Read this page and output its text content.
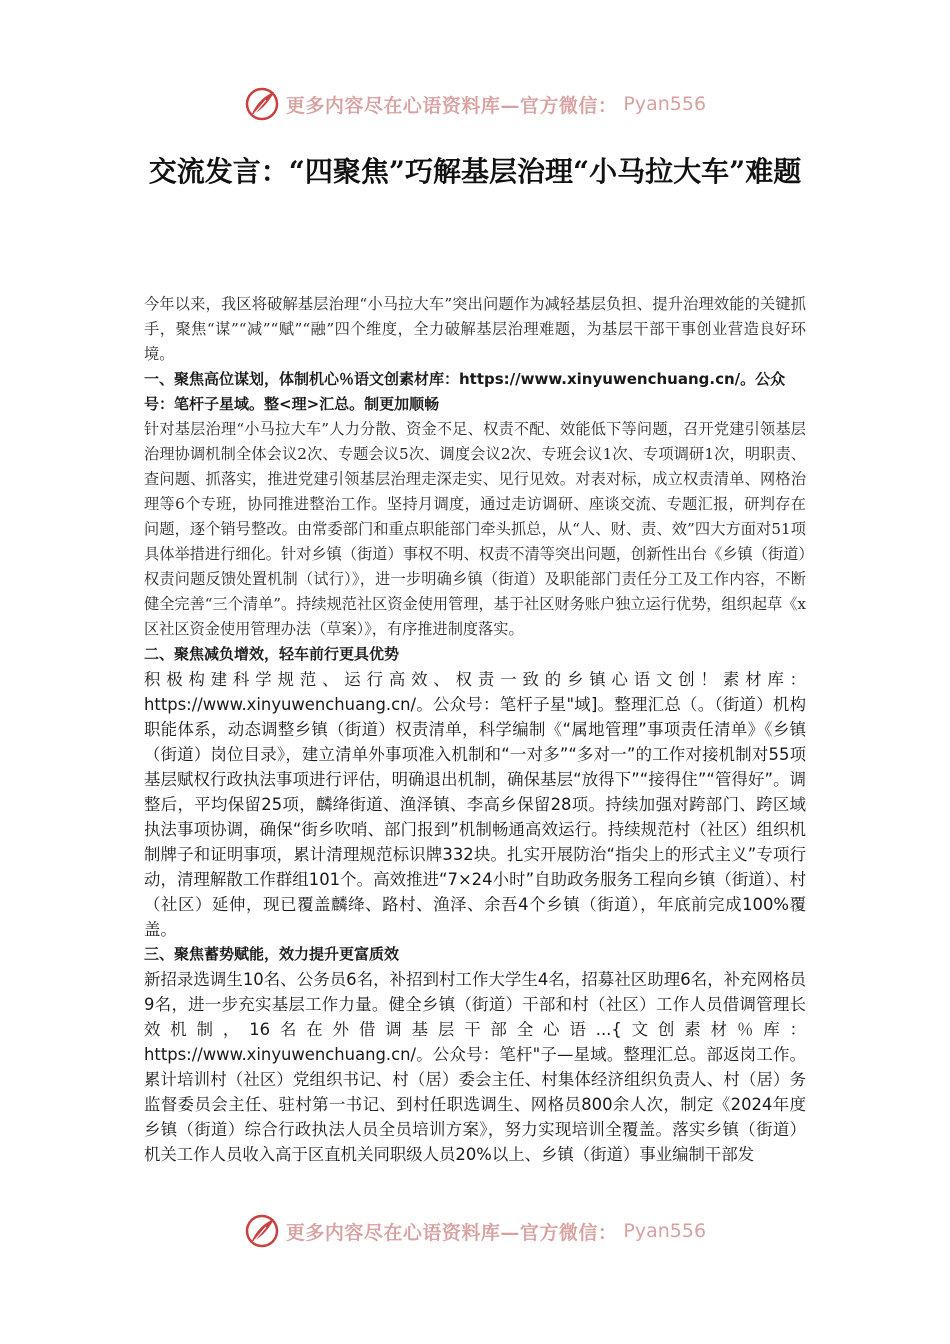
更多内容尽在心语资料库—官方微信： Pyan556
交流发言：“四聚焦”巧解基层治理“小马拉大车”难题

今年以来，我区将破解基层治理“小马拉大车”突出问题作为减轻基层负担、提升治理效能的关键抓手，聚焦“谋”“减”“赋”“融”四个维度，全力破解基层治理难题，为基层干部干事创业营造良好环境。

一、聚焦高位谋划，体制机心％语文创素材库：https://www.xinyuwenchuang.cn/。公众号：笔杆子星域。整<理>汇总。制更加顺畅

针对基层治理“小马拉大车”人力分散、资金不足、权责不配、效能低下等问题，召开党建引领基层治理协调机制全体会议2次、专题会议5次、调度会议2次、专班会议1次、专项调研1次，明职责、查问题、抓落实，推进党建引领基层治理走深走实、见行见效。对表对标，成立权责清单、网格治理等6个专班，协同推进整治工作。坚持月调度，通过走访调研、座谈交流、专题汇报，研判存在问题，逐个销号整改。由常委部门和重点职能部门牵头抓总，从“人、财、责、效”四大方面对51项具体举措进行细化。针对乡镇（街道）事权不明、权责不清等突出问题，创新性出台《乡镇（街道）权责问题反馈处置机制（试行）》，进一步明确乡镇（街道）及职能部门责任分工及工作内容，不断健全完善“三个清单”。持续规范社区资金使用管理，基于社区财务账户独立运行优势，组织起草《x区社区资金使用管理办法（草案）》，有序推进制度落实。

二、聚焦减负增效，轻车前行更具优势

积极构建科学规范、运行高效、权责一致的乡镇心语文创！素材库：https://www.xinyuwenchuang.cn/。公众号：笔杆子星"域]。整理汇总（。（街道）机构职能体系，动态调整乡镇（街道）权责清单，科学编制《“属地管理”事项责任清单》《乡镇（街道）岗位目录》，建立清单外事项准入机制和“一对多”“多对一”的工作对接机制对55项基层赋权行政执法事项进行评估，明确退出机制，确保基层“放得下”“接得住”“管得好”。调整后，平均保留25项，麟绛街道、渔泽镇、李高乡保留28项。持续加强对跨部门、跨区域执法事项协调，确保“街乡吹哨、部门报到”机制畅通高效运行。持续规范村（社区）组织机制牌子和证明事项，累计清理规范标识牌332块。扎实开展防治“指尖上的形式主义”专项行动，清理解散工作群组101个。高效推进“7×24小时”自助政务服务工程向乡镇（街道）、村（社区）延伸，现已覆盖麟绛、路村、渔泽、余吾4个乡镇（街道），年底前完成100%覆盖。

三、聚焦蓄势赋能，效力提升更富质效

新招录选调生10名、公务员6名，补招到村工作大学生4名，招募社区助理6名，补充网格员9名，进一步充实基层工作力量。健全乡镇（街道）干部和村（社区）工作人员借调管理长效机制，16名在外借调基层干部全心语...{文创素材％库：https://www.xinyuwenchuang.cn/。公众号：笔杆"子—星域。整理汇总。部返岗工作。累计培训村（社区）党组织书记、村（居）委会主任、村集体经济组织负责人、村（居）务监督委员会主任、驻村第一书记、到村任职选调生、网格员800余人次，制定《2024年度乡镇（街道）综合行政执法人员全员培训方案》，努力实现培训全覆盖。落实乡镇（街道）机关工作人员收入高于区直机关同职级人员20%以上、乡镇（街道）事业编制干部发

更多内容尽在心语资料库—官方微信： Pyan556
